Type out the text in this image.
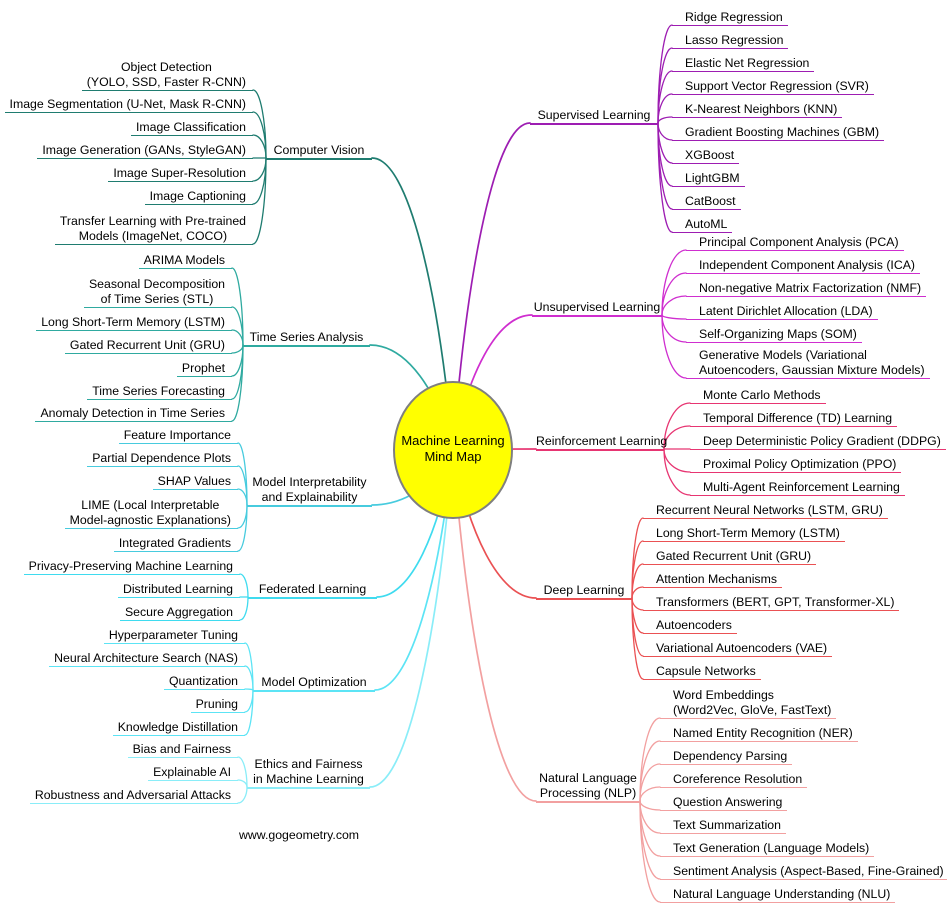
Supervised Learning
Ridge Regression
Lasso Regression
Elastic Net Regression
Support Vector Regression (SVR)
K-Nearest Neighbors (KNN)
Gradient Boosting Machines (GBM)
XGBoost
LightGBM
CatBoost
AutoML
Unsupervised Learning
Principal Component Analysis (PCA)
Independent Component Analysis (ICA)
Non-negative Matrix Factorization (NMF)
Latent Dirichlet Allocation (LDA)
Self-Organizing Maps (SOM)
Generative Models (Variational
Autoencoders, Gaussian Mixture Models)
Reinforcement Learning
Monte Carlo Methods
Temporal Difference (TD) Learning
Deep Deterministic Policy Gradient (DDPG)
Proximal Policy Optimization (PPO)
Multi-Agent Reinforcement Learning
Deep Learning
Recurrent Neural Networks (LSTM, GRU)
Long Short-Term Memory (LSTM)
Gated Recurrent Unit (GRU)
Attention Mechanisms
Transformers (BERT, GPT, Transformer-XL)
Autoencoders
Variational Autoencoders (VAE)
Capsule Networks
Natural Language
Processing (NLP)
Word Embeddings
(Word2Vec, GloVe, FastText)
Named Entity Recognition (NER)
Dependency Parsing
Coreference Resolution
Question Answering
Text Summarization
Text Generation (Language Models)
Sentiment Analysis (Aspect-Based, Fine-Grained)
Natural Language Understanding (NLU)
Computer Vision
Object Detection
(YOLO, SSD, Faster R-CNN)
Image Segmentation (U-Net, Mask R-CNN)
Image Classification
Image Generation (GANs, StyleGAN)
Image Super-Resolution
Image Captioning
Transfer Learning with Pre-trained
Models (ImageNet, COCO)
Time Series Analysis
ARIMA Models
Seasonal Decomposition
of Time Series (STL)
Long Short-Term Memory (LSTM)
Gated Recurrent Unit (GRU)
Prophet
Time Series Forecasting
Anomaly Detection in Time Series
Model Interpretability
and Explainability
Feature Importance
Partial Dependence Plots
SHAP Values
LIME (Local Interpretable
Model-agnostic Explanations)
Integrated Gradients
Federated Learning
Privacy-Preserving Machine Learning
Distributed Learning
Secure Aggregation
Model Optimization
Hyperparameter Tuning
Neural Architecture Search (NAS)
Quantization
Pruning
Knowledge Distillation
Ethics and Fairness
in Machine Learning
Bias and Fairness
Explainable AI
Robustness and Adversarial Attacks
Machine Learning
Mind Map
www.gogeometry.com
